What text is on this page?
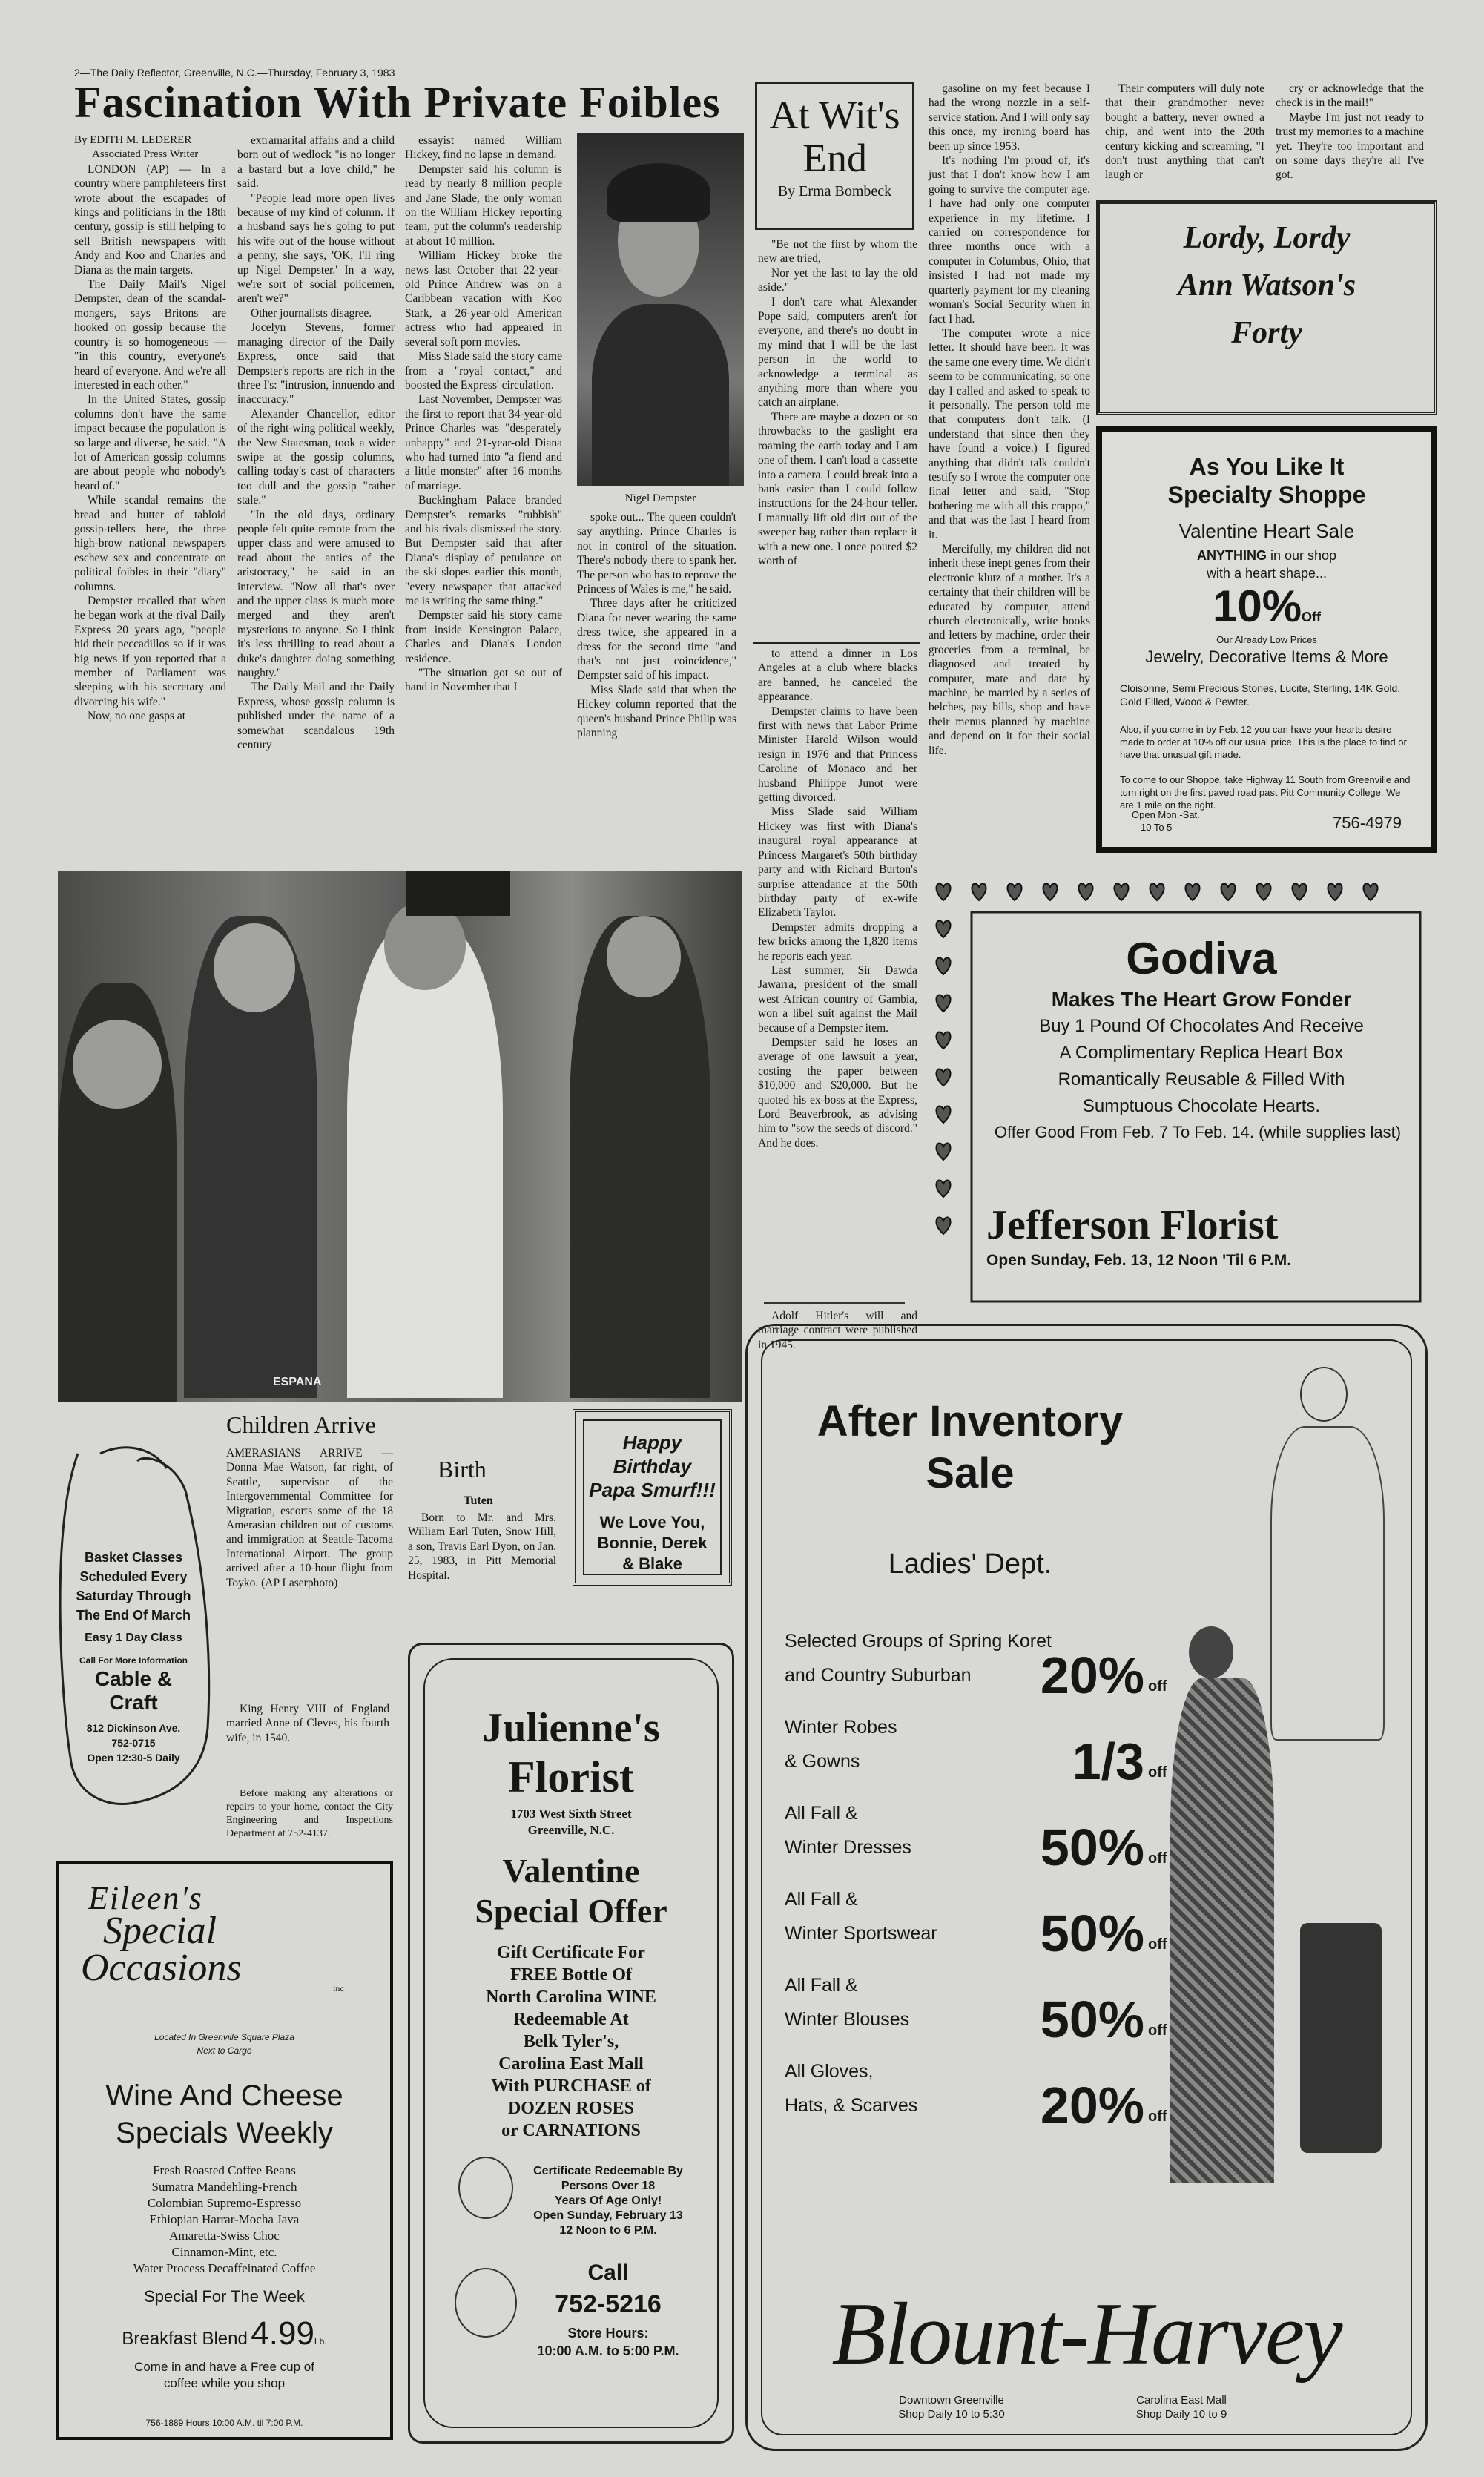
2—The Daily Reflector, Greenville, N.C.—Thursday, February 3, 1983
Fascination With Private Foibles
By EDITH M. LEDERER
Associated Press Writer

LONDON (AP) — In a country where pamphleteers first wrote about the escapades of kings and politicians in the 18th century, gossip is still helping to sell British newspapers with Andy and Koo and Charles and Diana as the main targets.

The Daily Mail's Nigel Dempster, dean of the scandal-mongers, says Britons are hooked on gossip because the country is so homogeneous — "in this country, everyone's heard of everyone. And we're all interested in each other."

In the United States, gossip columns don't have the same impact because the population is so large and diverse, he said. "A lot of American gossip columns are about people who nobody's heard of."

While scandal remains the bread and butter of tabloid gossip-tellers here, the three high-brow national newspapers eschew sex and concentrate on political foibles in their "diary" columns.

Dempster recalled that when he began work at the rival Daily Express 20 years ago, "people hid their peccadillos so if it was big news if you reported that a member of Parliament was sleeping with his secretary and divorcing his wife."

Now, no one gasps at

extramarital affairs and a child born out of wedlock "is no longer a bastard but a love child," he said.

"People lead more open lives because of my kind of column. If a husband says he's going to put his wife out of the house without a penny, she says, 'OK, I'll ring up Nigel Dempster.' In a way, we're sort of social policemen, aren't we?"

Other journalists disagree.

Jocelyn Stevens, former managing director of the Daily Express, once said that Dempster's reports are rich in the three I's: "intrusion, innuendo and inaccuracy."

Alexander Chancellor, editor of the right-wing political weekly, the New Statesman, took a wider swipe at the gossip columns, calling today's cast of characters too dull and the gossip "rather stale."

"In the old days, ordinary people felt quite remote from the upper class and were amused to read about the antics of the aristocracy," he said in an interview. "Now all that's over and the upper class is much more merged and they aren't mysterious to anyone. So I think it's less thrilling to read about a duke's daughter doing something naughty."

The Daily Mail and the Daily Express, whose gossip column is published under the name of a somewhat scandalous 19th century

essayist named William Hickey, find no lapse in demand.

Dempster said his column is read by nearly 8 million people and Jane Slade, the only woman on the William Hickey reporting team, put the column's readership at about 10 million.

William Hickey broke the news last October that 22-year-old Prince Andrew was on a Caribbean vacation with Koo Stark, a 26-year-old American actress who had appeared in several soft porn movies.

Miss Slade said the story came from a "royal contact," and boosted the Express' circulation.

Last November, Dempster was the first to report that 34-year-old Prince Charles was "desperately unhappy" and 21-year-old Diana who had turned into "a fiend and a little monster" after 16 months of marriage.

Buckingham Palace branded Dempster's remarks "rubbish" and his rivals dismissed the story. But Dempster said that after Diana's display of petulance on the ski slopes earlier this month, "every newspaper that attacked me is writing the same thing."

Dempster said his story came from inside Kensington Palace, Charles and Diana's London residence.

"The situation got so out of hand in November that I

Nigel Dempster

spoke out... The queen couldn't say anything. Prince Charles is not in control of the situation. There's nobody there to spank her. The person who has to reprove the Princess of Wales is me," he said.

Three days after he criticized Diana for never wearing the same dress twice, she appeared in a dress for the second time "and that's not just coincidence," Dempster said of his impact.

Miss Slade said that when the Hickey column reported that the queen's husband Prince Philip was planning

At Wit's
End
By Erma Bombeck

"Be not the first by whom the new are tried,

Nor yet the last to lay the old aside."

I don't care what Alexander Pope said, computers aren't for everyone, and there's no doubt in my mind that I will be the last person in the world to acknowledge a terminal as anything more than where you catch an airplane.

There are maybe a dozen or so throwbacks to the gaslight era roaming the earth today and I am one of them. I can't load a cassette into a camera. I could break into a bank easier than I could follow instructions for the 24-hour teller. I manually lift old dirt out of the sweeper bag rather than replace it with a new one. I once poured $2 worth of

gasoline on my feet because I had the wrong nozzle in a self-service station. And I will only say this once, my ironing board has been up since 1953.

It's nothing I'm proud of, it's just that I don't know how I am going to survive the computer age. I have had only one computer experience in my lifetime. I carried on correspondence for three months once with a computer in Columbus, Ohio, that insisted I had not made my quarterly payment for my cleaning woman's Social Security when in fact I had.

The computer wrote a nice letter. It should have been. It was the same one every time. We didn't seem to be communicating, so one day I called and asked to speak to it personally. The person told me that computers don't talk. (I understand that since then they have found a voice.) I figured anything that didn't talk couldn't testify so I wrote the computer one final letter and said, "Stop bothering me with all this crappo," and that was the last I heard from it.

Mercifully, my children did not inherit these inept genes from their electronic klutz of a mother. It's a certainty that their children will be educated by computer, attend church electronically, write books and letters by machine, order their groceries from a terminal, be diagnosed and treated by computer, mate and date by machine, be married by a series of belches, pay bills, shop and have their menus planned by machine and depend on it for their social life.

Their computers will duly note that their grandmother never bought a battery, never owned a chip, and went into the 20th century kicking and screaming, "I don't trust anything that can't laugh or

cry or acknowledge that the check is in the mail!"

Maybe I'm just not ready to trust my memories to a machine yet. They're too important and on some days they're all I've got.

to attend a dinner in Los Angeles at a club where blacks are banned, he canceled the appearance.

Dempster claims to have been first with news that Labor Prime Minister Harold Wilson would resign in 1976 and that Princess Caroline of Monaco and her husband Philippe Junot were getting divorced.

Miss Slade said William Hickey was first with Diana's inaugural royal appearance at Princess Margaret's 50th birthday party and with Richard Burton's surprise attendance at the 50th birthday party of ex-wife Elizabeth Taylor.

Dempster admits dropping a few bricks among the 1,820 items he reports each year.

Last summer, Sir Dawda Jawarra, president of the small west African country of Gambia, won a libel suit against the Mail because of a Dempster item.

Dempster said he loses an average of one lawsuit a year, costing the paper between $10,000 and $20,000. But he quoted his ex-boss at the Express, Lord Beaverbrook, as advising him to "sow the seeds of discord." And he does.

Adolf Hitler's will and marriage contract were published in 1945.

Lordy, Lordy
Ann Watson's
Forty
As You Like It
Specialty Shoppe
Valentine Heart Sale
ANYTHING in our shop
with a heart shape...
10%Off
Our Already Low Prices
Jewelry, Decorative Items & More
Cloisonne, Semi Precious Stones, Lucite, Sterling, 14K Gold, Gold Filled, Wood & Pewter.
Also, if you come in by Feb. 12 you can have your hearts desire made to order at 10% off our usual price. This is the place to find or have that unusual gift made.
To come to our Shoppe, take Highway 11 South from Greenville and turn right on the first paved road past Pitt Community College. We are 1 mile on the right.
Open Mon.-Sat.
10 To 5	756-4979
Godiva
Makes The Heart Grow Fonder
Buy 1 Pound Of Chocolates And Receive
A Complimentary Replica Heart Box
Romantically Reusable & Filled With
Sumptuous Chocolate Hearts.
Offer Good From Feb. 7 To Feb. 14. (while supplies last)
Jefferson Florist
Open Sunday, Feb. 13, 12 Noon 'Til 6 P.M.
ESPANA
Children Arrive

AMERASIANS ARRIVE — Donna Mae Watson, far right, of Seattle, supervisor of the Intergovernmental Committee for Migration, escorts some of the 18 Amerasian children out of customs and immigration at Seattle-Tacoma International Airport. The group arrived after a 10-hour flight from Toyko. (AP Laserphoto)

Birth
Tuten

Born to Mr. and Mrs. William Earl Tuten, Snow Hill, a son, Travis Earl Dyon, on Jan. 25, 1983, in Pitt Memorial Hospital.

Happy
Birthday
Papa Smurf!!!
We Love You,
Bonnie, Derek
& Blake
Basket Classes
Scheduled Every
Saturday Through
The End Of March
Easy 1 Day Class
Call For More Information
Cable &
Craft
812 Dickinson Ave.
752-0715
Open 12:30-5 Daily

King Henry VIII of England married Anne of Cleves, his fourth wife, in 1540.

Before making any alterations or repairs to your home, contact the City Engineering and Inspections Department at 752-4137.

Eileen's
Special
Occasions	inc
Located In Greenville Square Plaza
Next to Cargo
Wine And Cheese
Specials Weekly
Fresh Roasted Coffee Beans
Sumatra Mandehling-French
Colombian Supremo-Espresso
Ethiopian Harrar-Mocha Java
Amaretta-Swiss Choc
Cinnamon-Mint, etc.
Water Process Decaffeinated Coffee
Special For The Week
Breakfast Blend 4.99Lb.
Come in and have a Free cup of
coffee while you shop
756-1889 Hours 10:00 A.M. til 7:00 P.M.
Julienne's
Florist
1703 West Sixth Street
Greenville, N.C.
Valentine
Special Offer
Gift Certificate For
FREE Bottle Of
North Carolina WINE
Redeemable At
Belk Tyler's,
Carolina East Mall
With PURCHASE of
DOZEN ROSES
or CARNATIONS
Certificate Redeemable By
Persons Over 18
Years Of Age Only!
Open Sunday, February 13
12 Noon to 6 P.M.
Call
752-5216
Store Hours:
10:00 A.M. to 5:00 P.M.
After Inventory
Sale
Ladies' Dept.
Selected Groups of Spring Koret
and Country Suburban	20% off
Winter Robes
& Gowns	1/3 off
All Fall &
Winter Dresses	50% off
All Fall &
Winter Sportswear	50% off
All Fall &
Winter Blouses	50% off
All Gloves,
Hats, & Scarves	20% off
Blount-Harvey
Downtown Greenville
Shop Daily 10 to 5:30
Carolina East Mall
Shop Daily 10 to 9
